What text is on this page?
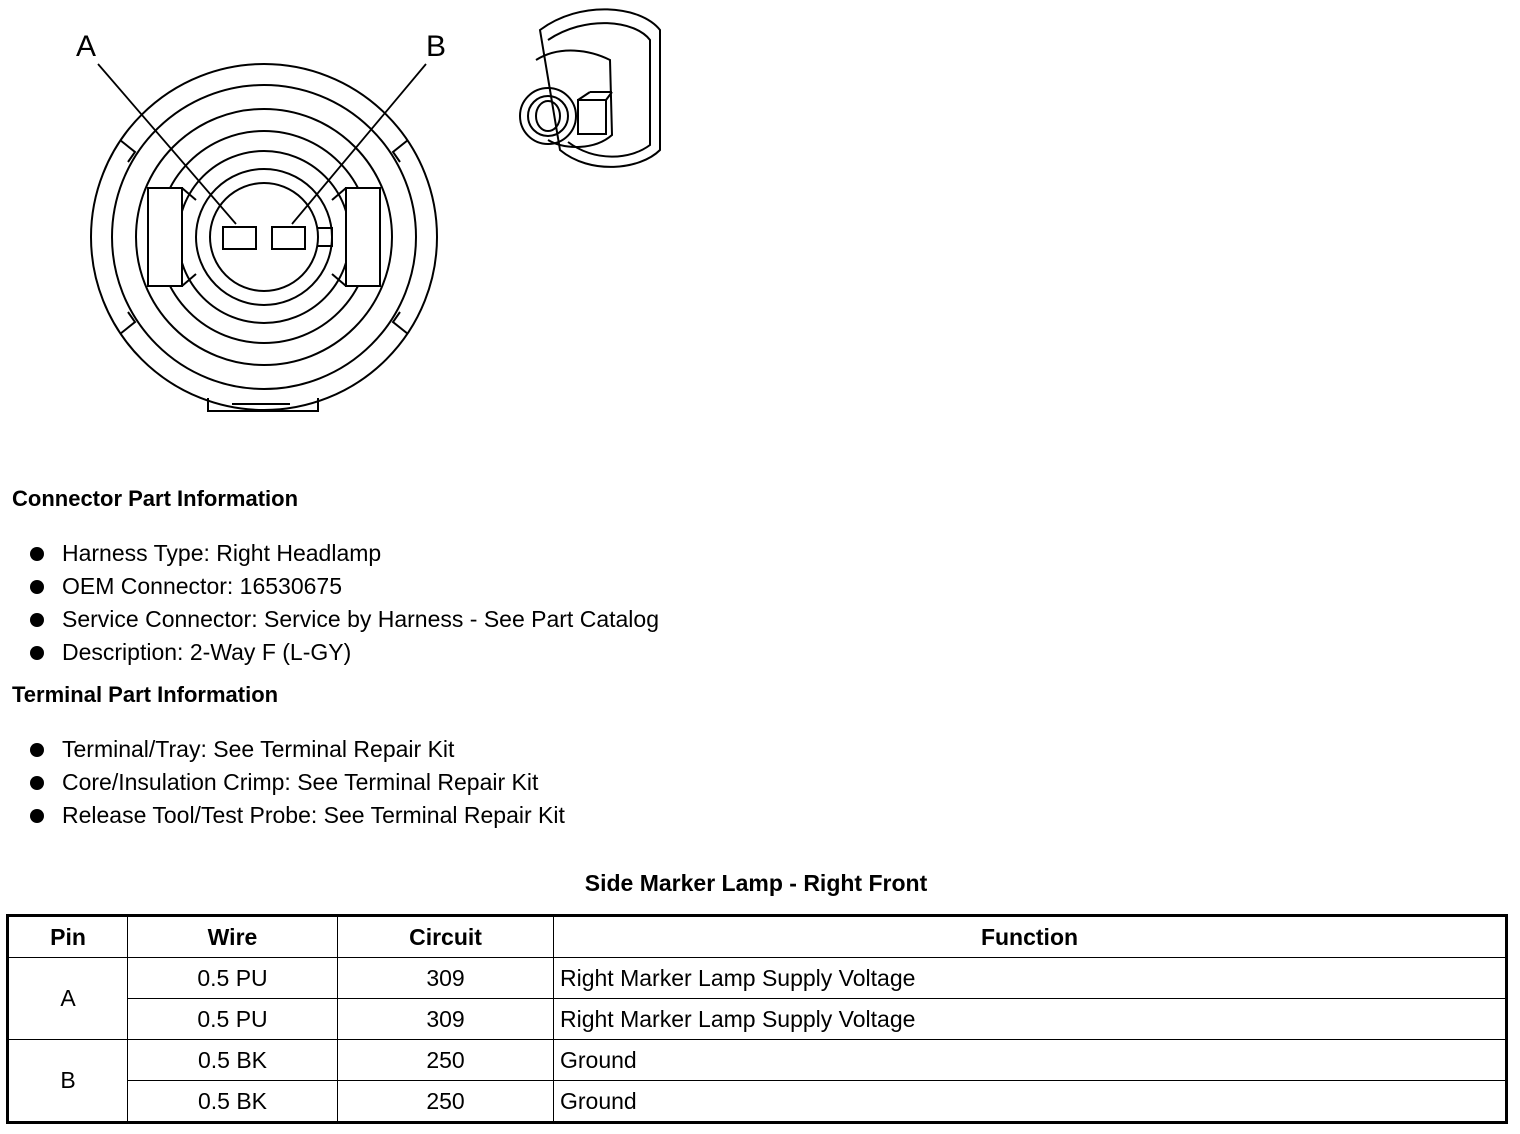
A	B
Connector Part Information
Harness Type: Right Headlamp
OEM Connector: 16530675
Service Connector: Service by Harness - See Part Catalog
Description: 2-Way F (L-GY)
Terminal Part Information
Terminal/Tray: See Terminal Repair Kit
Core/Insulation Crimp: See Terminal Repair Kit
Release Tool/Test Probe: See Terminal Repair Kit
Side Marker Lamp - Right Front
Pin	Wire	Circuit	Function
A	0.5 PU	309	Right Marker Lamp Supply Voltage
	0.5 PU	309	Right Marker Lamp Supply Voltage
B	0.5 BK	250	Ground
	0.5 BK	250	Ground
